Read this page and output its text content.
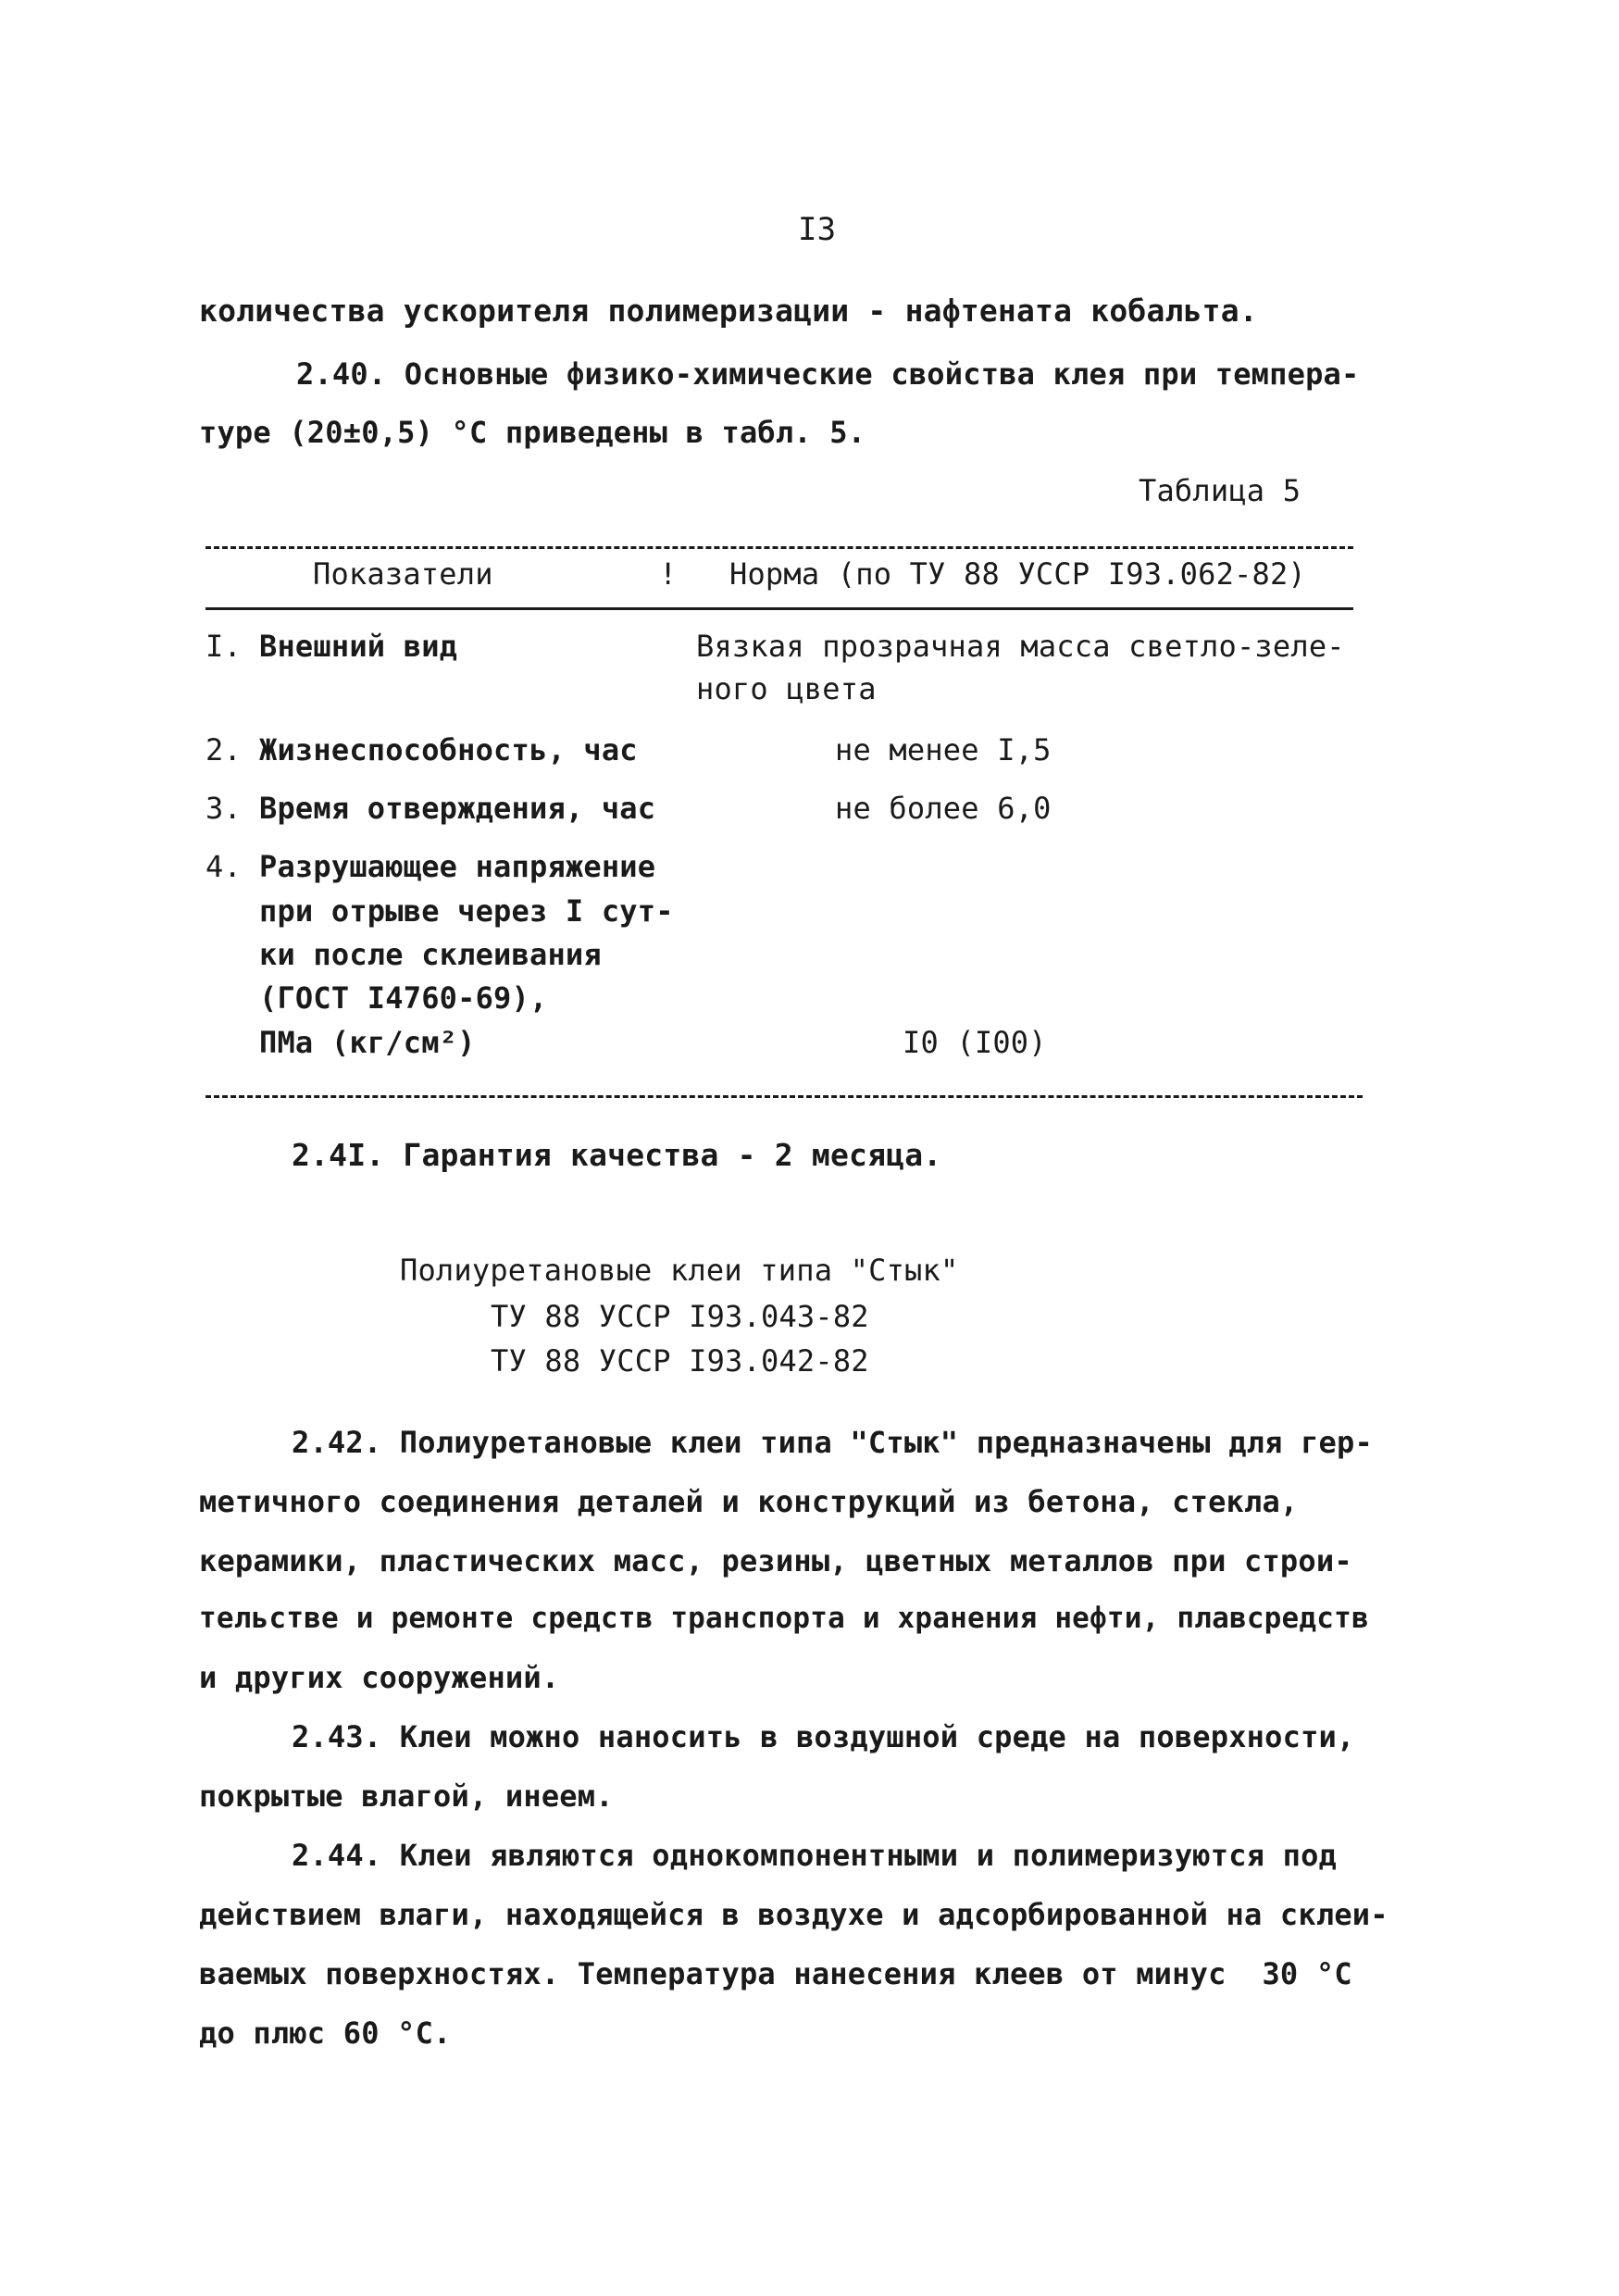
I3
количества ускорителя полимеризации - нафтената кобальта.
2.40. Основные физико-химические свойства клея при темпера-
туре (20±0,5) °С приведены в табл. 5.
Таблица 5
Показатели	! Норма (по ТУ 88 УССР I93.062-82)
I. Внешний вид	Вязкая прозрачная масса светло-зеле-
ного цвета
2. Жизнеспособность, час	не менее I,5
3. Время отверждения, час	не более 6,0
4. Разрушающее напряжение
при отрыве через I сут-
ки после склеивания
(ГОСТ I4760-69),
ПМа (кг/см²)	I0 (I00)
2.4I. Гарантия качества - 2 месяца.
Полиуретановые клеи типа "Стык"
ТУ 88 УССР I93.043-82
ТУ 88 УССР I93.042-82
2.42. Полиуретановые клеи типа "Стык" предназначены для гер-
метичного соединения деталей и конструкций из бетона, стекла,
керамики, пластических масс, резины, цветных металлов при строи-
тельстве и ремонте средств транспорта и хранения нефти, плавсредств
и других сооружений.
2.43. Клеи можно наносить в воздушной среде на поверхности,
покрытые влагой, инеем.
2.44. Клеи являются однокомпонентными и полимеризуются под
действием влаги, находящейся в воздухе и адсорбированной на склеи-
ваемых поверхностях. Температура нанесения клеев от минус  30 °С
до плюс 60 °С.
